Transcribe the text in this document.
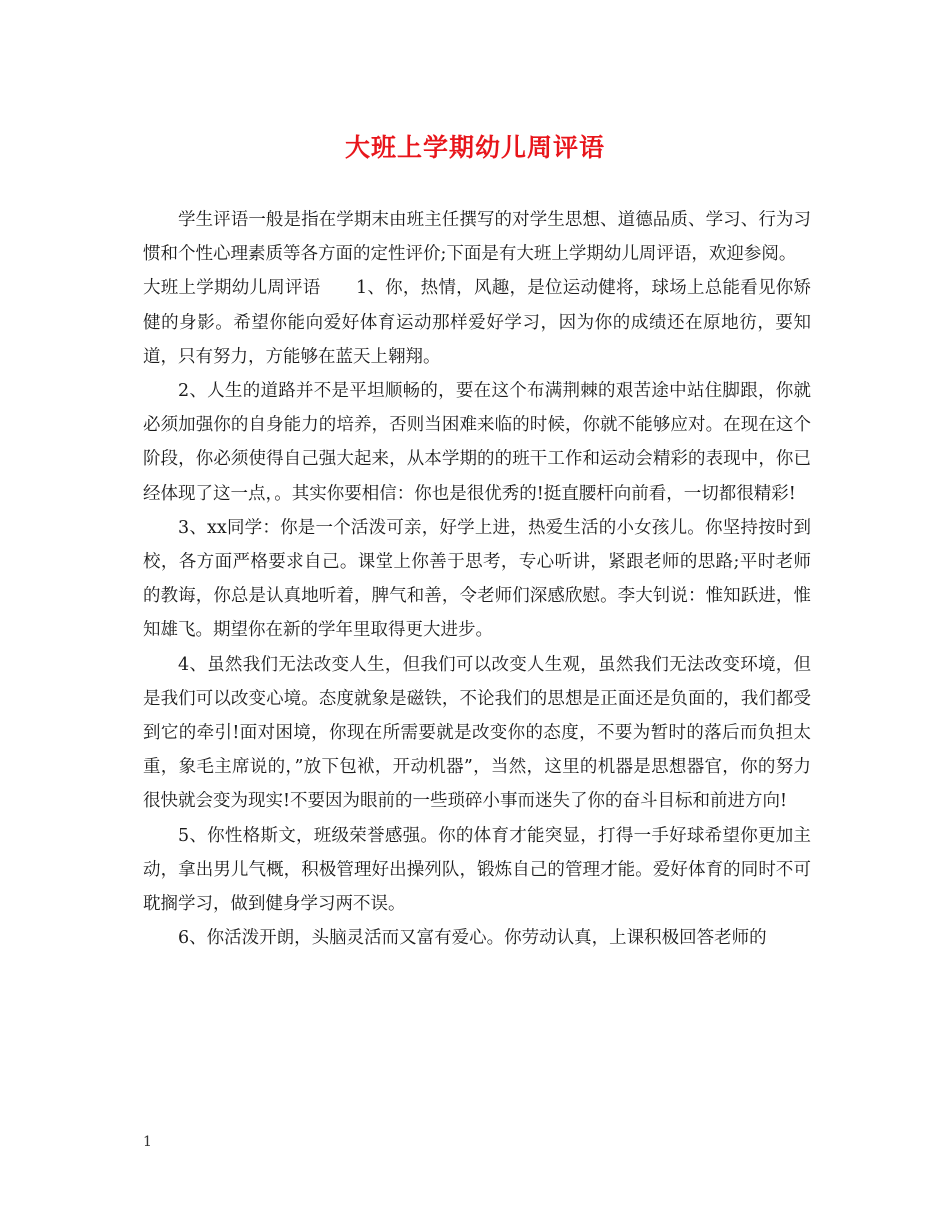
大班上学期幼儿周评语

学生评语一般是指在学期末由班主任撰写的对学生思想、道德品质、学习、行为习惯和个性心理素质等各方面的定性评价;下面是有大班上学期幼儿周评语，欢迎参阅。

大班上学期幼儿周评语　　1、你，热情，风趣，是位运动健将，球场上总能看见你矫健的身影。希望你能向爱好体育运动那样爱好学习，因为你的成绩还在原地彷，要知道，只有努力，方能够在蓝天上翱翔。

2、人生的道路并不是平坦顺畅的，要在这个布满荆棘的艰苦途中站住脚跟，你就必须加强你的自身能力的培养，否则当困难来临的时候，你就不能够应对。在现在这个阶段，你必须使得自己强大起来，从本学期的的班干工作和运动会精彩的表现中，你已经体现了这一点，。其实你要相信：你也是很优秀的!挺直腰杆向前看，一切都很精彩!

3、xx同学：你是一个活泼可亲，好学上进，热爱生活的小女孩儿。你坚持按时到校，各方面严格要求自己。课堂上你善于思考，专心听讲，紧跟老师的思路;平时老师的教诲，你总是认真地听着，脾气和善，令老师们深感欣慰。李大钊说：惟知跃进，惟知雄飞。期望你在新的学年里取得更大进步。

4、虽然我们无法改变人生，但我们可以改变人生观，虽然我们无法改变环境，但是我们可以改变心境。态度就象是磁铁，不论我们的思想是正面还是负面的，我们都受到它的牵引!面对困境，你现在所需要就是改变你的态度，不要为暂时的落后而负担太重，象毛主席说的，”放下包袱，开动机器”，当然，这里的机器是思想器官，你的努力很快就会变为现实!不要因为眼前的一些琐碎小事而迷失了你的奋斗目标和前进方向!

5、你性格斯文，班级荣誉感强。你的体育才能突显，打得一手好球希望你更加主动，拿出男儿气概，积极管理好出操列队，锻炼自己的管理才能。爱好体育的同时不可耽搁学习，做到健身学习两不误。

6、你活泼开朗，头脑灵活而又富有爱心。你劳动认真，上课积极回答老师的

1
